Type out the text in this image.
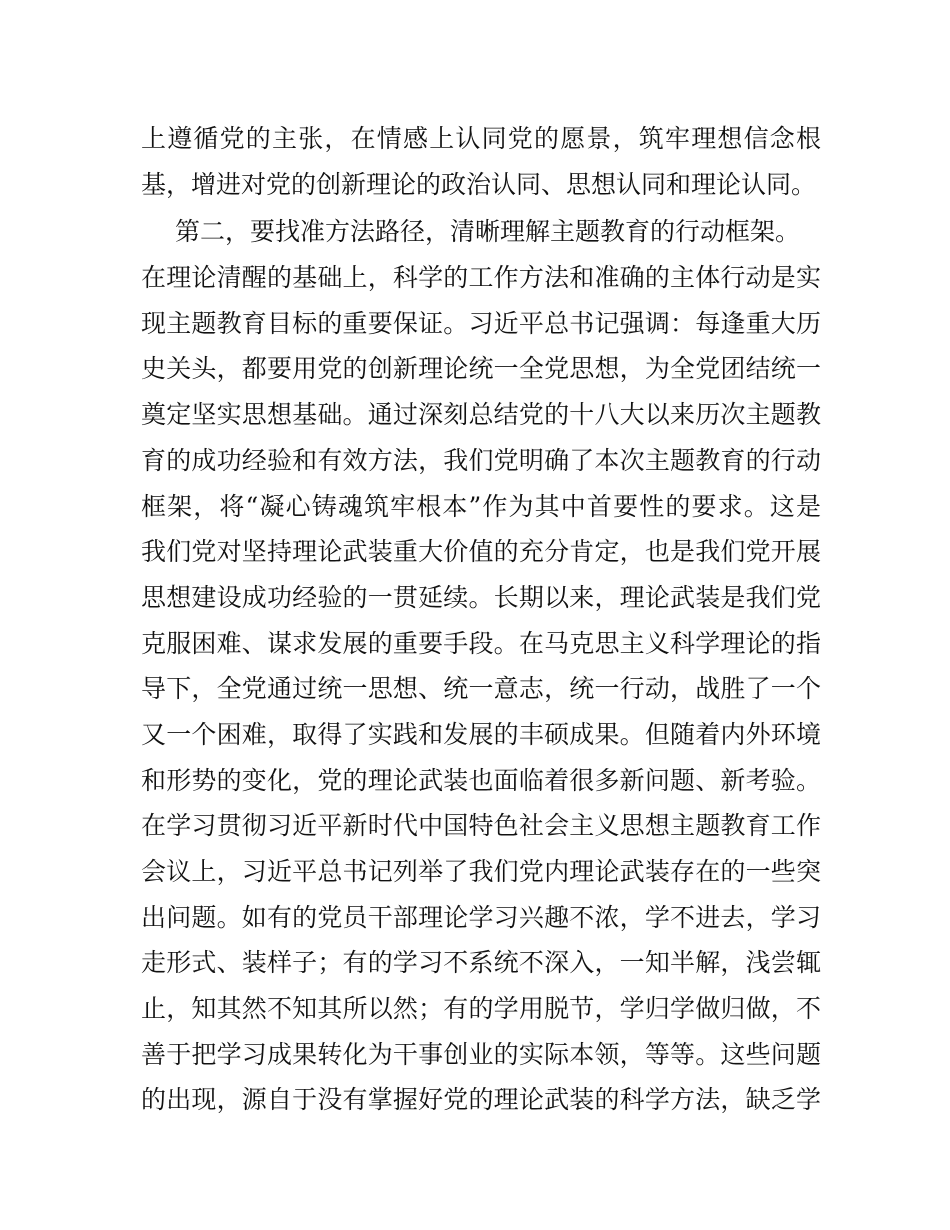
上遵循党的主张，在情感上认同党的愿景，筑牢理想信念根
基，增进对党的创新理论的政治认同、思想认同和理论认同。
第二，要找准方法路径，清晰理解主题教育的行动框架。
在理论清醒的基础上，科学的工作方法和准确的主体行动是实
现主题教育目标的重要保证。习近平总书记强调：每逢重大历
史关头，都要用党的创新理论统一全党思想，为全党团结统一
奠定坚实思想基础。通过深刻总结党的十八大以来历次主题教
育的成功经验和有效方法，我们党明确了本次主题教育的行动
框架，将“凝心铸魂筑牢根本”作为其中首要性的要求。这是
我们党对坚持理论武装重大价值的充分肯定，也是我们党开展
思想建设成功经验的一贯延续。长期以来，理论武装是我们党
克服困难、谋求发展的重要手段。在马克思主义科学理论的指
导下，全党通过统一思想、统一意志，统一行动，战胜了一个
又一个困难，取得了实践和发展的丰硕成果。但随着内外环境
和形势的变化，党的理论武装也面临着很多新问题、新考验。
在学习贯彻习近平新时代中国特色社会主义思想主题教育工作
会议上，习近平总书记列举了我们党内理论武装存在的一些突
出问题。如有的党员干部理论学习兴趣不浓，学不进去，学习
走形式、装样子；有的学习不系统不深入，一知半解，浅尝辄
止，知其然不知其所以然；有的学用脱节，学归学做归做，不
善于把学习成果转化为干事创业的实际本领，等等。这些问题
的出现，源自于没有掌握好党的理论武装的科学方法，缺乏学
